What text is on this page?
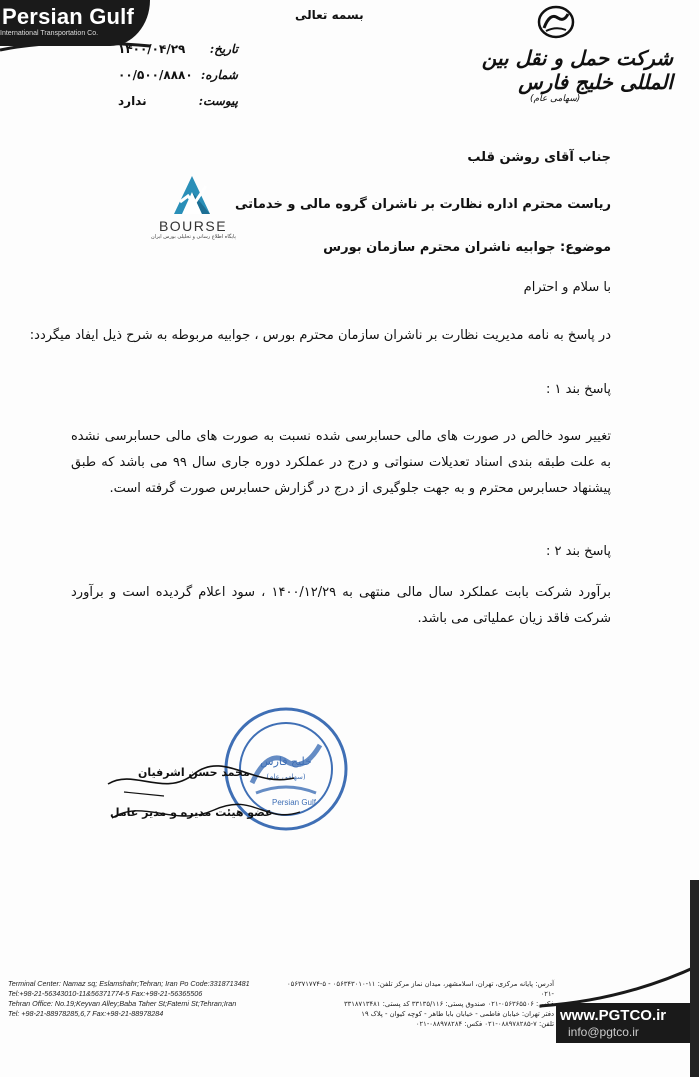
Persian Gulf
International Transportation Co.
بسمه تعالی
تاریخ:
۱۴۰۰/۰۴/۲۹
شماره:
۰۰/۵۰۰/۸۸۸۰
پیوست:
ندارد
شرکت حمل و نقل بین المللی خلیج فارس
(سهامی عام)
BOURSE
پایگاه اطلاع رسانی و تحلیلی بورس ایران
جناب آقای روشن قلب
ریاست محترم اداره نظارت بر ناشران گروه مالی و خدماتی
موضوع: جوابیه ناشران محترم سازمان بورس
با سلام و احترام
در پاسخ به نامه مدیریت نظارت بر ناشران سازمان محترم بورس ، جوابیه مربوطه به شرح ذیل ایفاد میگردد:
پاسخ بند ۱ :
تغییر سود خالص در صورت های مالی حسابرسی شده نسبت به صورت های مالی حسابرسی نشده به علت طبقه بندی اسناد تعدیلات سنواتی و درج در عملکرد دوره جاری سال ۹۹ می باشد که طبق پیشنهاد حسابرس محترم و به جهت جلوگیری از درج در گزارش حسابرس صورت گرفته است.
پاسخ بند ۲ :
برآورد شرکت بابت عملکرد سال مالی منتهی به ۱۴۰۰/۱۲/۲۹ ، سود اعلام گردیده است و برآورد شرکت فاقد زیان عملیاتی می باشد.
خلیج فارس
(سهامی عام)
Persian Gulf
محمد حسن اشرفیان
عضو هیئت مدیره و مدیر عامل
Terminal Center: Namaz sq; Eslamshahr;Tehran; Iran Po Code:3318713481
Tel:+98-21-56343010-11&56371774-5 Fax:+98-21-56365506
Tehran Office: No.19;Keyvan Alley;Baba Taher St;Fatemi St;Tehran;Iran
Tel: +98-21-88978285,6,7 Fax:+98-21-88978284
آدرس: پایانه مرکزی، تهران، اسلامشهر، میدان نماز مرکز تلفن: ۱۱-۰۵۶۳۴۳۰۱۰ - ۵-۰۵۶۳۷۱۷۷۴ -۰۲۱
فکس: ۰۵۶۳۶۵۵۰۶-۰۲۱ صندوق پستی: ۳۳۱۳۵/۱۱۶ کد پستی: ۳۳۱۸۷۱۳۴۸۱
دفتر تهران: خیابان فاطمی - خیابان بابا طاهر - کوچه کیوان - پلاک ۱۹
تلفن: ۷-۰۸۸۹۷۸۲۸۵-۰۲۱ فکس: ۰۸۸۹۷۸۲۸۴-۰۲۱ www.PGTCO.ir
info@pgtco.ir
